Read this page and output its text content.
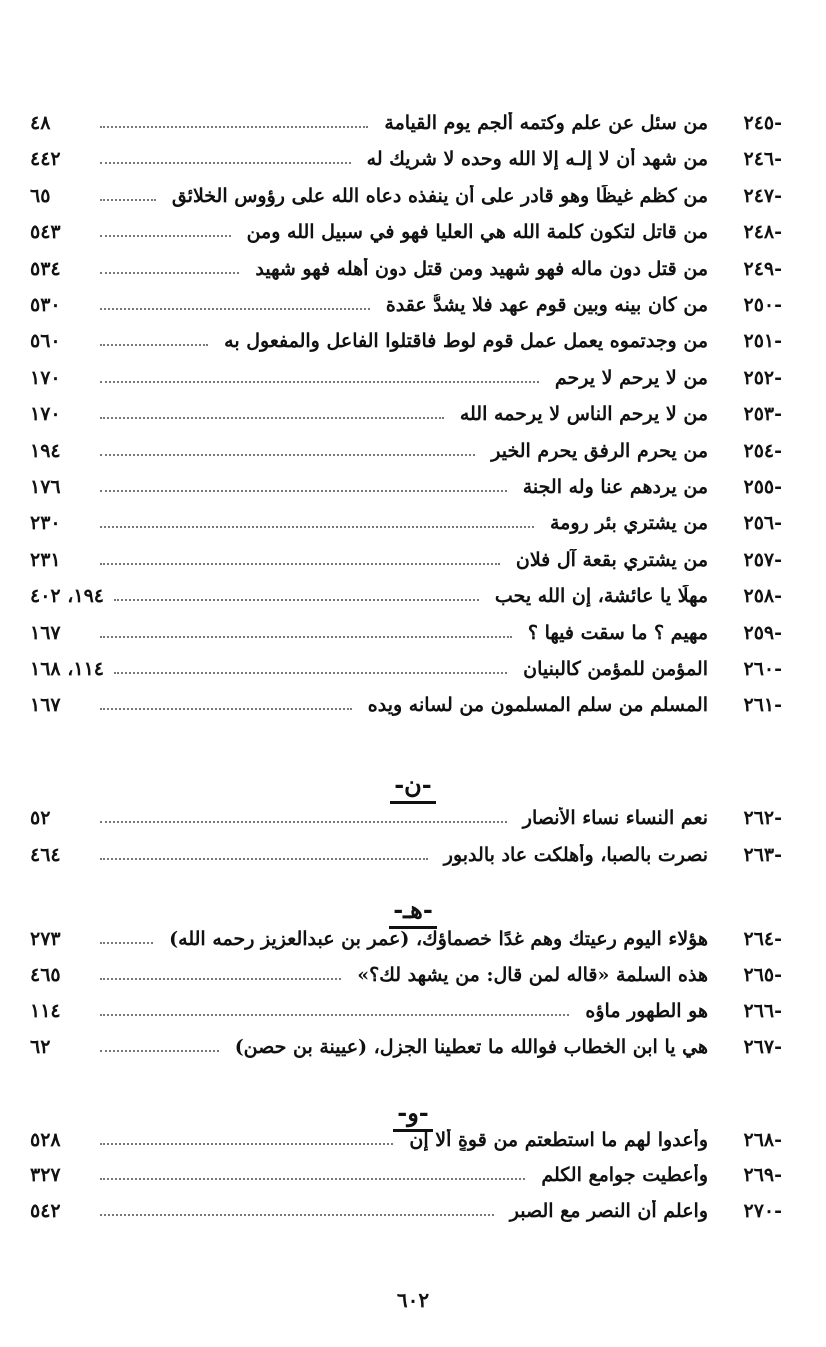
-٢٤٥
من سئل عن علم وكتمه ألجم يوم القيامة
٤٨
-٢٤٦
من شهد أن لا إلـه إلا الله وحده لا شريك له
٤٤٢
-٢٤٧
من كظم غيظًا وهو قادر على أن ينفذه دعاه الله على رؤوس الخلائق
٦٥
-٢٤٨
من قاتل لتكون كلمة الله هي العليا فهو في سبيل الله ومن
٥٤٣
-٢٤٩
من قتل دون ماله فهو شهيد ومن قتل دون أهله فهو شهيد
٥٣٤
-٢٥٠
من كان بينه وبين قوم عهد فلا يشدُّ عقدة
٥٣٠
-٢٥١
من وجدتموه يعمل عمل قوم لوط فاقتلوا الفاعل والمفعول به
٥٦٠
-٢٥٢
من لا يرحم لا يرحم
١٧٠
-٢٥٣
من لا يرحم الناس لا يرحمه الله
١٧٠
-٢٥٤
من يحرم الرفق يحرم الخير
١٩٤
-٢٥٥
من يردهم عنا وله الجنة
١٧٦
-٢٥٦
من يشتري بئر رومة
٢٣٠
-٢٥٧
من يشتري بقعة آل فلان
٢٣١
-٢٥٨
مهلًا يا عائشة، إن الله يحب
١٩٤، ٤٠٢
-٢٥٩
مهيم ؟ ما سقت فيها ؟
١٦٧
-٢٦٠
المؤمن للمؤمن كالبنيان
١١٤، ١٦٨
-٢٦١
المسلم من سلم المسلمون من لسانه ويده
١٦٧
-ن-
-٢٦٢
نعم النساء نساء الأنصار
٥٢
-٢٦٣
نصرت بالصبا، وأهلكت عاد بالدبور
٤٦٤
-هـ-
-٢٦٤
هؤلاء اليوم رعيتك وهم غدًا خصماؤك، (عمر بن عبدالعزيز رحمه الله)
٢٧٣
-٢٦٥
هذه السلمة «قاله لمن قال: من يشهد لك؟»
٤٦٥
-٢٦٦
هو الطهور ماؤه
١١٤
-٢٦٧
هي يا ابن الخطاب فوالله ما تعطينا الجزل، (عيينة بن حصن)
٦٢
-و-
-٢٦٨
وأعدوا لهم ما استطعتم من قوةٍ ألا إن
٥٢٨
-٢٦٩
وأعطيت جوامع الكلم
٣٢٧
-٢٧٠
واعلم أن النصر مع الصبر
٥٤٢
٦٠٢
